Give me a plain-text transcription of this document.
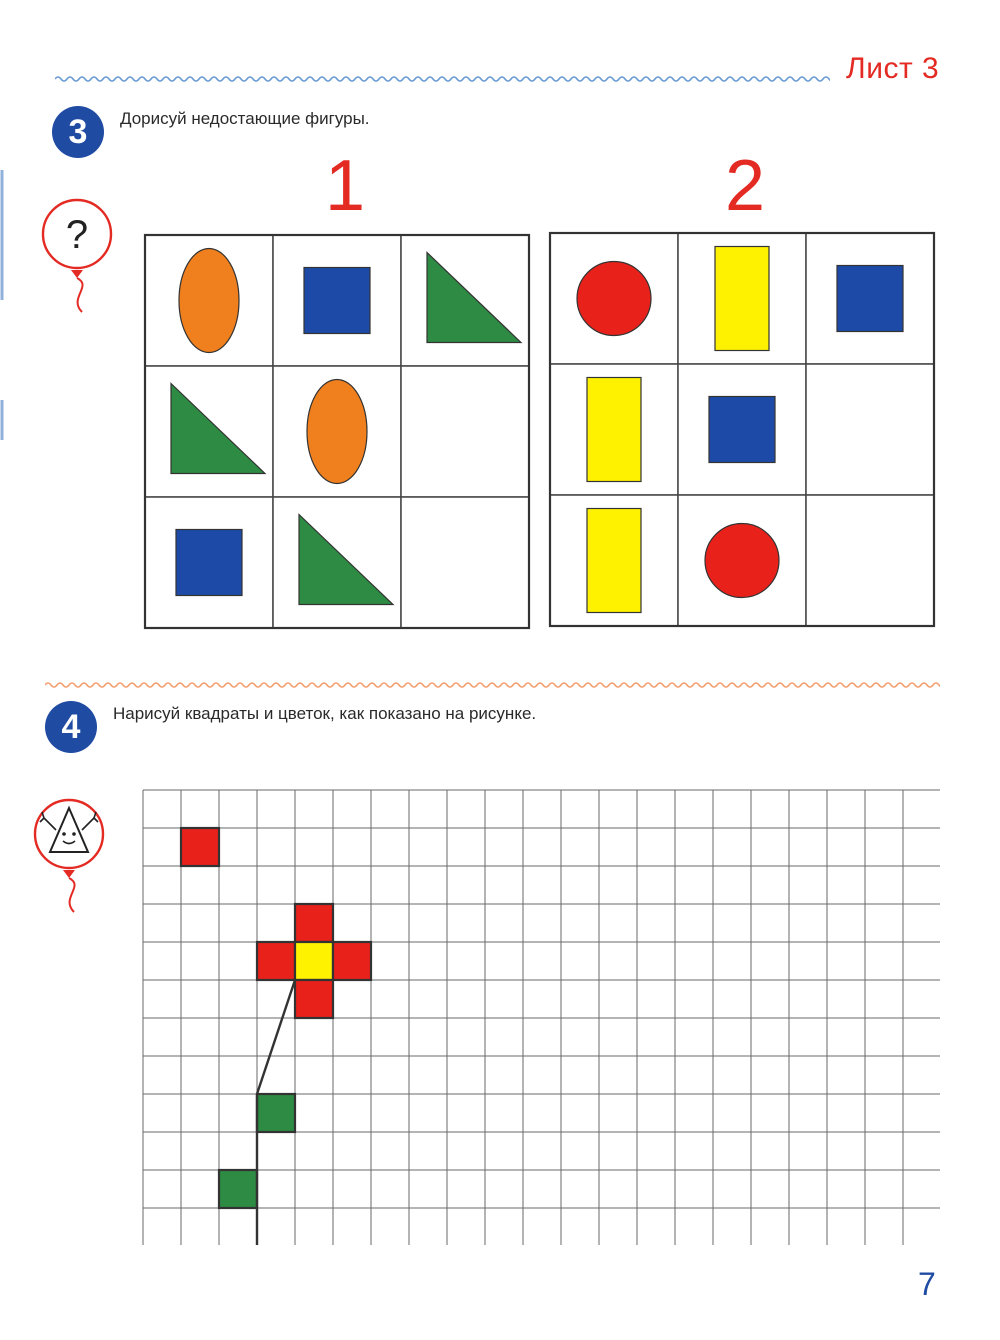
Лист 3
3	Дорисуй недостающие фигуры.
?
1	2
4	Нарисуй квадраты и цветок, как показано на рисунке.
7
